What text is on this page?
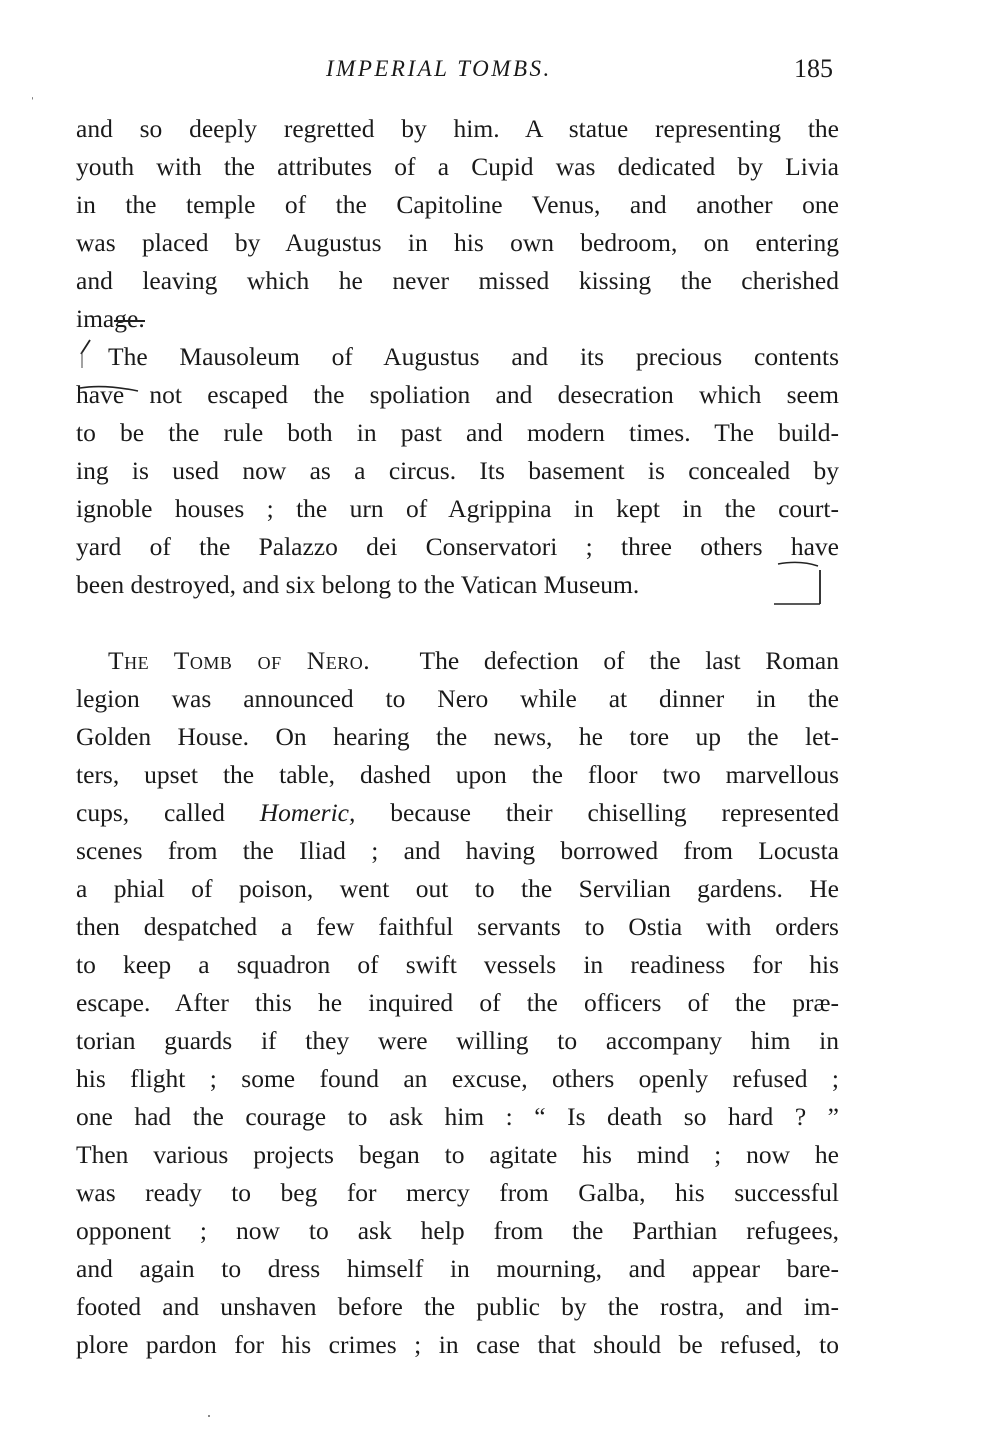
IMPERIAL TOMBS.	185
ˈ
and so deeply regretted by him. A statue representing the
youth with the attributes of a Cupid was dedicated by Livia
in the temple of the Capitoline Venus, and another one
was placed by Augustus in his own bedroom, on entering
and leaving which he never missed kissing the cherished
image.
The Mausoleum of Augustus and its precious contents
have not escaped the spoliation and desecration which seem
to be the rule both in past and modern times. The build-
ing is used now as a circus. Its basement is concealed by
ignoble houses ; the urn of Agrippina in kept in the court-
yard of the Palazzo dei Conservatori ; three others have
been destroyed, and six belong to the Vatican Museum.
The Tomb of Nero. The defection of the last Roman
legion was announced to Nero while at dinner in the
Golden House. On hearing the news, he tore up the let-
ters, upset the table, dashed upon the floor two marvellous
cups, called Homeric, because their chiselling represented
scenes from the Iliad ; and having borrowed from Locusta
a phial of poison, went out to the Servilian gardens. He
then despatched a few faithful servants to Ostia with orders
to keep a squadron of swift vessels in readiness for his
escape. After this he inquired of the officers of the præ-
torian guards if they were willing to accompany him in
his flight ; some found an excuse, others openly refused ;
one had the courage to ask him : “ Is death so hard ? ”
Then various projects began to agitate his mind ; now he
was ready to beg for mercy from Galba, his successful
opponent ; now to ask help from the Parthian refugees,
and again to dress himself in mourning, and appear bare-
footed and unshaven before the public by the rostra, and im-
plore pardon for his crimes ; in case that should be refused, to
